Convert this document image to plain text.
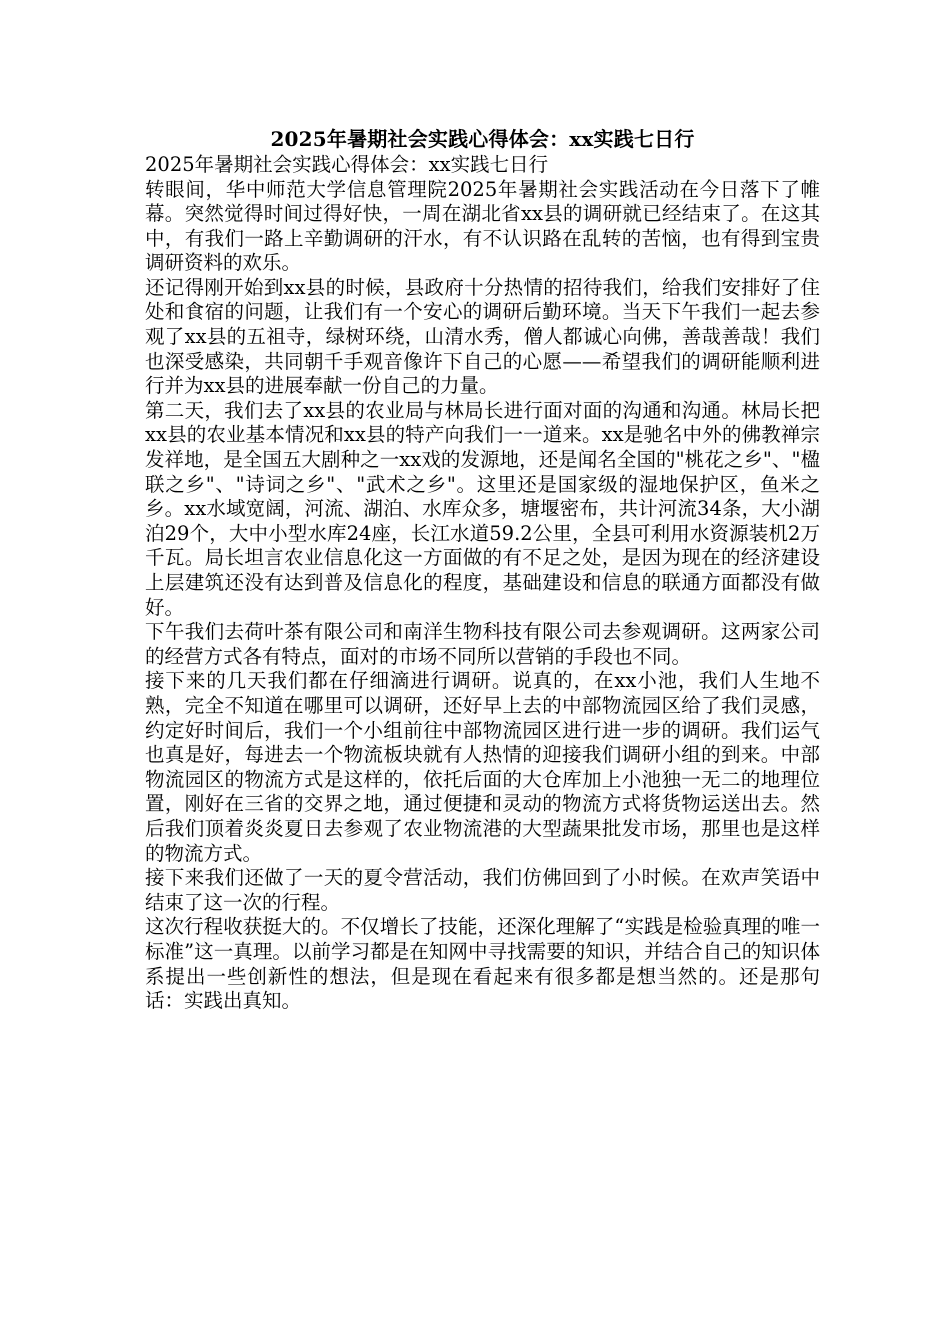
2025年暑期社会实践心得体会：xx实践七日行

2025年暑期社会实践心得体会：xx实践七日行

转眼间，华中师范大学信息管理院2025年暑期社会实践活动在今日落下了帷幕。突然觉得时间过得好快，一周在湖北省xx县的调研就已经结束了。在这其中，有我们一路上辛勤调研的汗水，有不认识路在乱转的苦恼，也有得到宝贵调研资料的欢乐。

还记得刚开始到xx县的时候，县政府十分热情的招待我们，给我们安排好了住处和食宿的问题，让我们有一个安心的调研后勤环境。当天下午我们一起去参观了xx县的五祖寺，绿树环绕，山清水秀，僧人都诚心向佛，善哉善哉！我们也深受感染，共同朝千手观音像许下自己的心愿——希望我们的调研能顺利进行并为xx县的进展奉献一份自己的力量。

第二天，我们去了xx县的农业局与林局长进行面对面的沟通和沟通。林局长把xx县的农业基本情况和xx县的特产向我们一一道来。xx是驰名中外的佛教禅宗发祥地，是全国五大剧种之一xx戏的发源地，还是闻名全国的"桃花之乡"、"楹联之乡"、"诗词之乡"、"武术之乡"。这里还是国家级的湿地保护区，鱼米之乡。xx水域宽阔，河流、湖泊、水库众多，塘堰密布，共计河流34条，大小湖泊29个，大中小型水库24座，长江水道59.2公里，全县可利用水资源装机2万千瓦。局长坦言农业信息化这一方面做的有不足之处，是因为现在的经济建设上层建筑还没有达到普及信息化的程度，基础建设和信息的联通方面都没有做好。

下午我们去荷叶茶有限公司和南洋生物科技有限公司去参观调研。这两家公司的经营方式各有特点，面对的市场不同所以营销的手段也不同。

接下来的几天我们都在仔细滴进行调研。说真的，在xx小池，我们人生地不熟，完全不知道在哪里可以调研，还好早上去的中部物流园区给了我们灵感，约定好时间后，我们一个小组前往中部物流园区进行进一步的调研。我们运气也真是好，每进去一个物流板块就有人热情的迎接我们调研小组的到来。中部物流园区的物流方式是这样的，依托后面的大仓库加上小池独一无二的地理位置，刚好在三省的交界之地，通过便捷和灵动的物流方式将货物运送出去。然后我们顶着炎炎夏日去参观了农业物流港的大型蔬果批发市场，那里也是这样的物流方式。

接下来我们还做了一天的夏令营活动，我们仿佛回到了小时候。在欢声笑语中结束了这一次的行程。

这次行程收获挺大的。不仅增长了技能，还深化理解了“实践是检验真理的唯一标准”这一真理。以前学习都是在知网中寻找需要的知识，并结合自己的知识体系提出一些创新性的想法，但是现在看起来有很多都是想当然的。还是那句话：实践出真知。
